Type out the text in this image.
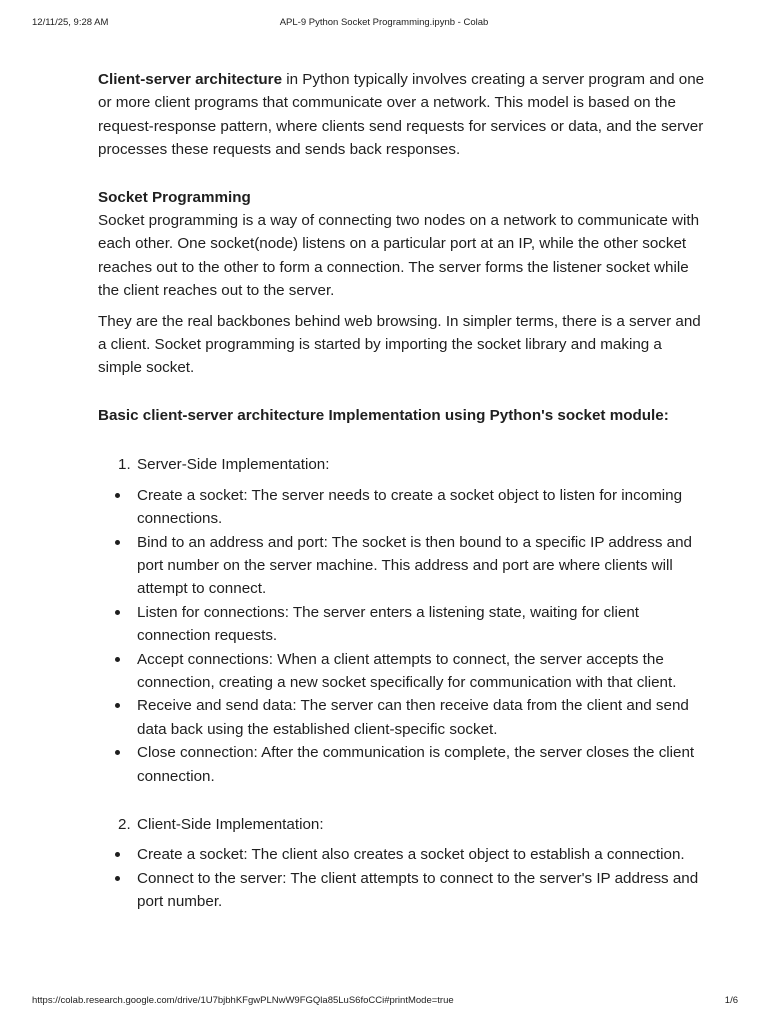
12/11/25, 9:28 AM	APL-9 Python Socket Programming.ipynb - Colab

Client-server architecture in Python typically involves creating a server program and one or more client programs that communicate over a network. This model is based on the request-response pattern, where clients send requests for services or data, and the server processes these requests and sends back responses.

Socket Programming

Socket programming is a way of connecting two nodes on a network to communicate with each other. One socket(node) listens on a particular port at an IP, while the other socket reaches out to the other to form a connection. The server forms the listener socket while the client reaches out to the server.

They are the real backbones behind web browsing. In simpler terms, there is a server and a client. Socket programming is started by importing the socket library and making a simple socket.

Basic client-server architecture Implementation using Python's socket module:

1. Server-Side Implementation:
Create a socket: The server needs to create a socket object to listen for incoming connections.
Bind to an address and port: The socket is then bound to a specific IP address and port number on the server machine. This address and port are where clients will attempt to connect.
Listen for connections: The server enters a listening state, waiting for client connection requests.
Accept connections: When a client attempts to connect, the server accepts the connection, creating a new socket specifically for communication with that client.
Receive and send data: The server can then receive data from the client and send data back using the established client-specific socket.
Close connection: After the communication is complete, the server closes the client connection.
2. Client-Side Implementation:
Create a socket: The client also creates a socket object to establish a connection.
Connect to the server: The client attempts to connect to the server's IP address and port number.
https://colab.research.google.com/drive/1U7bjbhKFgwPLNwW9FGQla85LuS6foCCi#printMode=true	1/6
